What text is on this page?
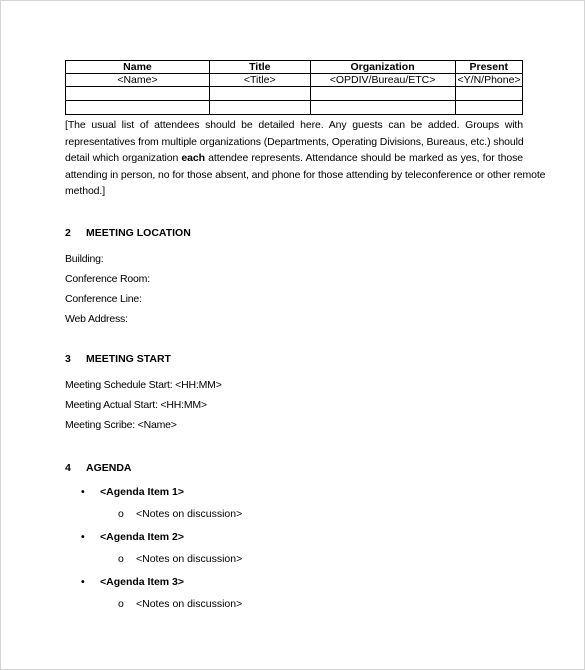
Name	Title	Organization	Present
<Name>	<Title>	<OPDIV/Bureau/ETC>	<Y/N/Phone>

[The usual list of attendees should be detailed here. Any guests can be added. Groups with
representatives from multiple organizations (Departments, Operating Divisions, Bureaus, etc.) should
detail which organization each attendee represents. Attendance should be marked as yes, for those
attending in person, no for those absent, and phone for those attending by teleconference or other remote
method.]
2	MEETING LOCATION
Building:
Conference Room:
Conference Line:
Web Address:
3	MEETING START
Meeting Schedule Start: <HH:MM>
Meeting Actual Start: <HH:MM>
Meeting Scribe: <Name>
4	AGENDA
• <Agenda Item 1>
o <Notes on discussion>
• <Agenda Item 2>
o <Notes on discussion>
• <Agenda Item 3>
o <Notes on discussion>
